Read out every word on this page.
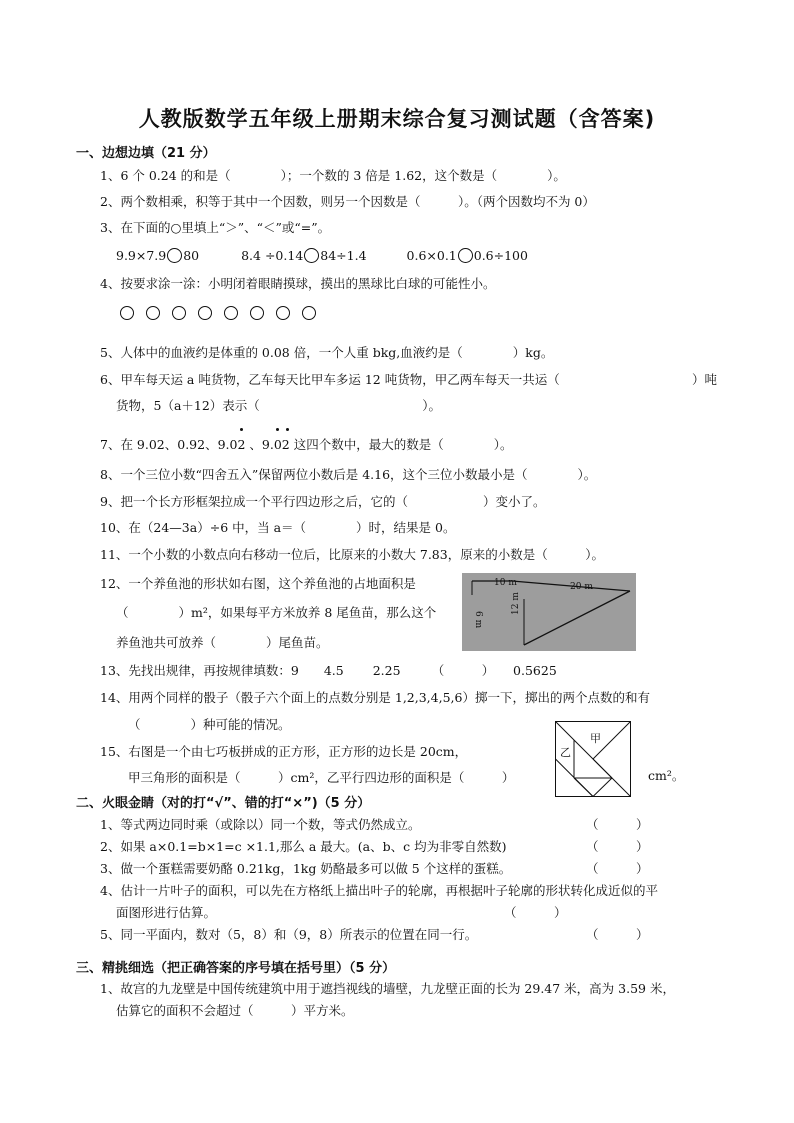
人教版数学五年级上册期末综合复习测试题（含答案)
一、边想边填（21 分）
1、6 个 0.24 的和是（　　　　）；一个数的 3 倍是 1.62，这个数是（　　　　）。
2、两个数相乘，积等于其中一个因数，则另一个因数是（　　　）。（两个因数均不为 0）
3、在下面的○里填上“＞”、“＜”或“=”。
9.9×7.9 80	8.4 ÷0.14 84÷1.4	0.6×0.1 0.6÷100
4、按要求涂一涂：小明闭着眼睛摸球，摸出的黑球比白球的可能性小。
5、人体中的血液约是体重的 0.08 倍，一个人重 bkg,血液约是（　　　　）kg。
6、甲车每天运 a 吨货物，乙车每天比甲车多运 12 吨货物，甲乙两车每天一共运（	）吨
货物，5（a＋12）表示（　　　　　　　　　　　　　）。
7、在 9.02、0.92、9.02 、9.02 这四个数中，最大的数是（　　　　）。
8、一个三位小数“四舍五入”保留两位小数后是 4.16，这个三位小数最小是（　　　　）。
9、把一个长方形框架拉成一个平行四边形之后，它的（　　　　　　）变小了。
10、在（24—3a）÷6 中，当 a＝（　　　　）时，结果是 0。
11、一个小数的小数点向右移动一位后，比原来的小数大 7.83，原来的小数是（　　　）。
12、一个养鱼池的形状如右图，这个养鱼池的占地面积是
（　　　　）m²，如果每平方米放养 8 尾鱼苗，那么这个
养鱼池共可放养（　　　　）尾鱼苗。
10 m	20 m
6 m
12 m
13、先找出规律，再按规律填数：9　　4.5　　 2.25　　　（　　　）　　0.5625
14、用两个同样的骰子（骰子六个面上的点数分别是 1,2,3,4,5,6）掷一下，掷出的两个点数的和有
（　　　　）种可能的情况。
15、右图是一个由七巧板拼成的正方形，正方形的边长是 20cm，
甲三角形的面积是（　　　）cm²，乙平行四边形的面积是（　　　）	cm²。
甲
乙
二、火眼金睛（对的打“√”、错的打“×”)（5 分）
1、等式两边同时乘（或除以）同一个数，等式仍然成立。	（　　　）
2、如果 a×0.1=b×1=c ×1.1,那么 a 最大。(a、b、c 均为非零自然数)	（　　　）
3、做一个蛋糕需要奶酪 0.21kg，1kg 奶酪最多可以做 5 个这样的蛋糕。	（　　　）
4、估计一片叶子的面积，可以先在方格纸上描出叶子的轮廓，再根据叶子轮廓的形状转化成近似的平
面图形进行估算。	（　　　）
5、同一平面内，数对（5，8）和（9，8）所表示的位置在同一行。	（　　　）
三、精挑细选（把正确答案的序号填在括号里）（5 分）
1、故宫的九龙壁是中国传统建筑中用于遮挡视线的墙壁，九龙壁正面的长为 29.47 米，高为 3.59 米，
估算它的面积不会超过（　　　）平方米。
